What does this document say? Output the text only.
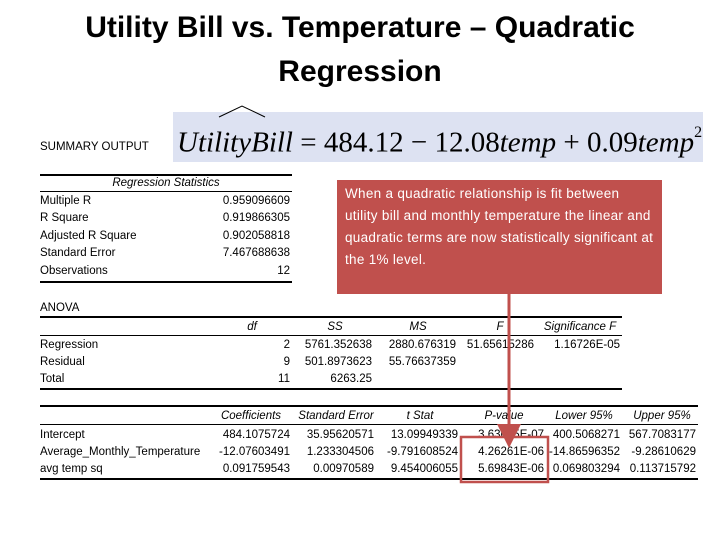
Utility Bill vs. Temperature – Quadratic Regression
UtilityBill = 484.12 − 12.08temp + 0.09temp$^2$
SUMMARY OUTPUT
Regression Statistics
Multiple R	0.959096609
R Square	0.919866305
Adjusted R Square	0.902058818
Standard Error	7.467688638
Observations	12
ANOVA
df	SS	MS	F	Significance F
Regression	2	5761.352638	2880.676319 51.65615286	1.16726E-05
Residual	9	501.8973623	55.76637359
Total	11	6263.25
Coefficients	Standard Error	t Stat	P-value	Lower 95%	Upper 95%
Intercept	484.1075724	35.95620571	13.09949339	3.63685E-07 400.5068271 567.7083177
Average_Monthly_Temperature	-12.07603491	1.233304506	-9.791608524	4.26261E-06 -14.86596352 -9.28610629
avg temp sq	0.091759543	0.00970589	9.454006055	5.69843E-06 0.069803294 0.113715792
When a quadratic relationship is fit between utility bill and monthly temperature the linear and quadratic terms are now statistically significant at the 1% level.
